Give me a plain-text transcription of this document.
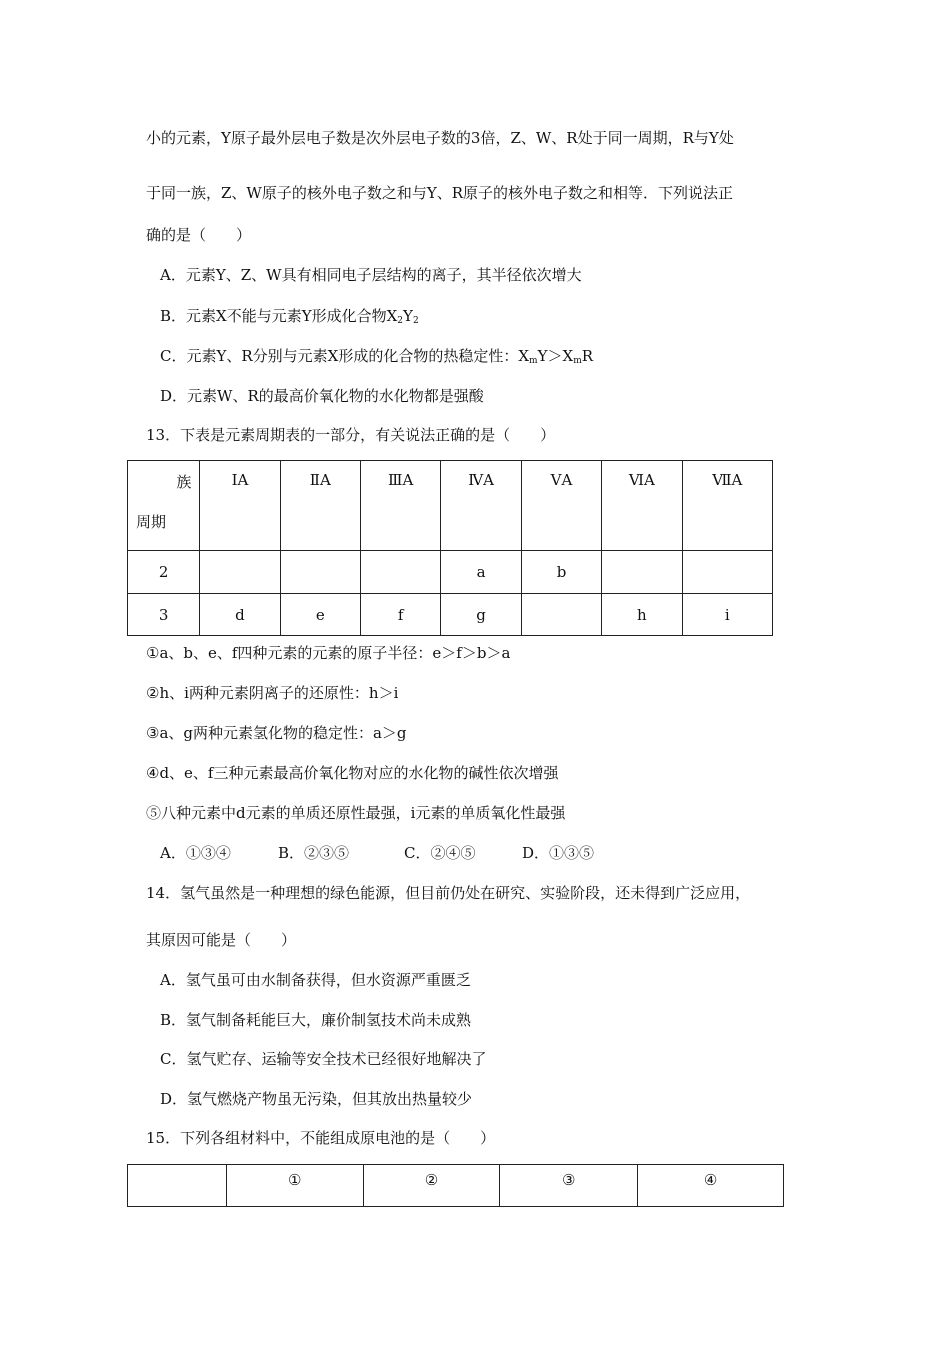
小的元素，Y原子最外层电子数是次外层电子数的3倍，Z、W、R处于同一周期，R与Y处
于同一族，Z、W原子的核外电子数之和与Y、R原子的核外电子数之和相等．下列说法正
确的是（　　）
A．元素Y、Z、W具有相同电子层结构的离子，其半径依次增大
B．元素X不能与元素Y形成化合物$X_2Y_2$
C．元素Y、R分别与元素X形成的化合物的热稳定性：$X_mY>X_mR$
D．元素W、R的最高价氧化物的水化物都是强酸
13．下表是元素周期表的一部分，有关说法正确的是（　　）
族
周期	ⅠA	ⅡA	ⅢA	ⅣA	ⅤA	ⅥA	ⅦA
2				a	b		
3	d	e	f	g		h	i
①a、b、e、f四种元素的元素的原子半径：e＞f＞b＞a
②h、i两种元素阴离子的还原性：h＞i
③a、g两种元素氢化物的稳定性：a＞g
④d、e、f三种元素最高价氧化物对应的水化物的碱性依次增强
⑤八种元素中d元素的单质还原性最强，i元素的单质氧化性最强
A．①③④	B．②③⑤	C．②④⑤	D．①③⑤
14．氢气虽然是一种理想的绿色能源，但目前仍处在研究、实验阶段，还未得到广泛应用，
其原因可能是（　　）
A．氢气虽可由水制备获得，但水资源严重匮乏
B．氢气制备耗能巨大，廉价制氢技术尚未成熟
C．氢气贮存、运输等安全技术已经很好地解决了
D．氢气燃烧产物虽无污染，但其放出热量较少
15．下列各组材料中，不能组成原电池的是（　　）
	①	②	③	④
